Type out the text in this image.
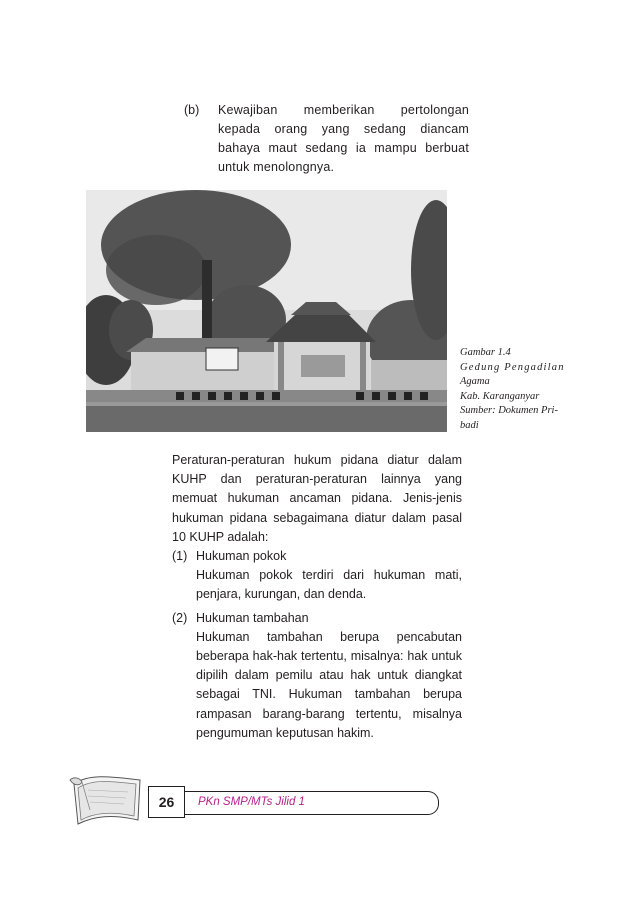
(b) Kewajiban memberikan pertolongan kepada orang yang sedang diancam bahaya maut sedang ia mampu berbuat untuk menolongnya.
Gambar 1.4
Gedung Pengadilan
Agama
Kab. Karanganyar
Sumber: Dokumen Pri-
badi

Peraturan-peraturan hukum pidana diatur dalam KUHP dan peraturan-peraturan lainnya yang memuat hukuman ancaman pidana. Jenis-jenis hukuman pidana sebagaimana diatur dalam pasal 10 KUHP adalah:

(1) Hukuman pokok
Hukuman pokok terdiri dari hukuman mati, penjara, kurungan, dan denda.
(2) Hukuman tambahan
Hukuman tambahan berupa pencabutan beberapa hak-hak tertentu, misalnya: hak untuk dipilih dalam pemilu atau hak untuk diangkat sebagai TNI. Hukuman tambahan berupa rampasan barang-barang tertentu, misalnya pengumuman keputusan hakim.
26	PKn SMP/MTs Jilid 1
